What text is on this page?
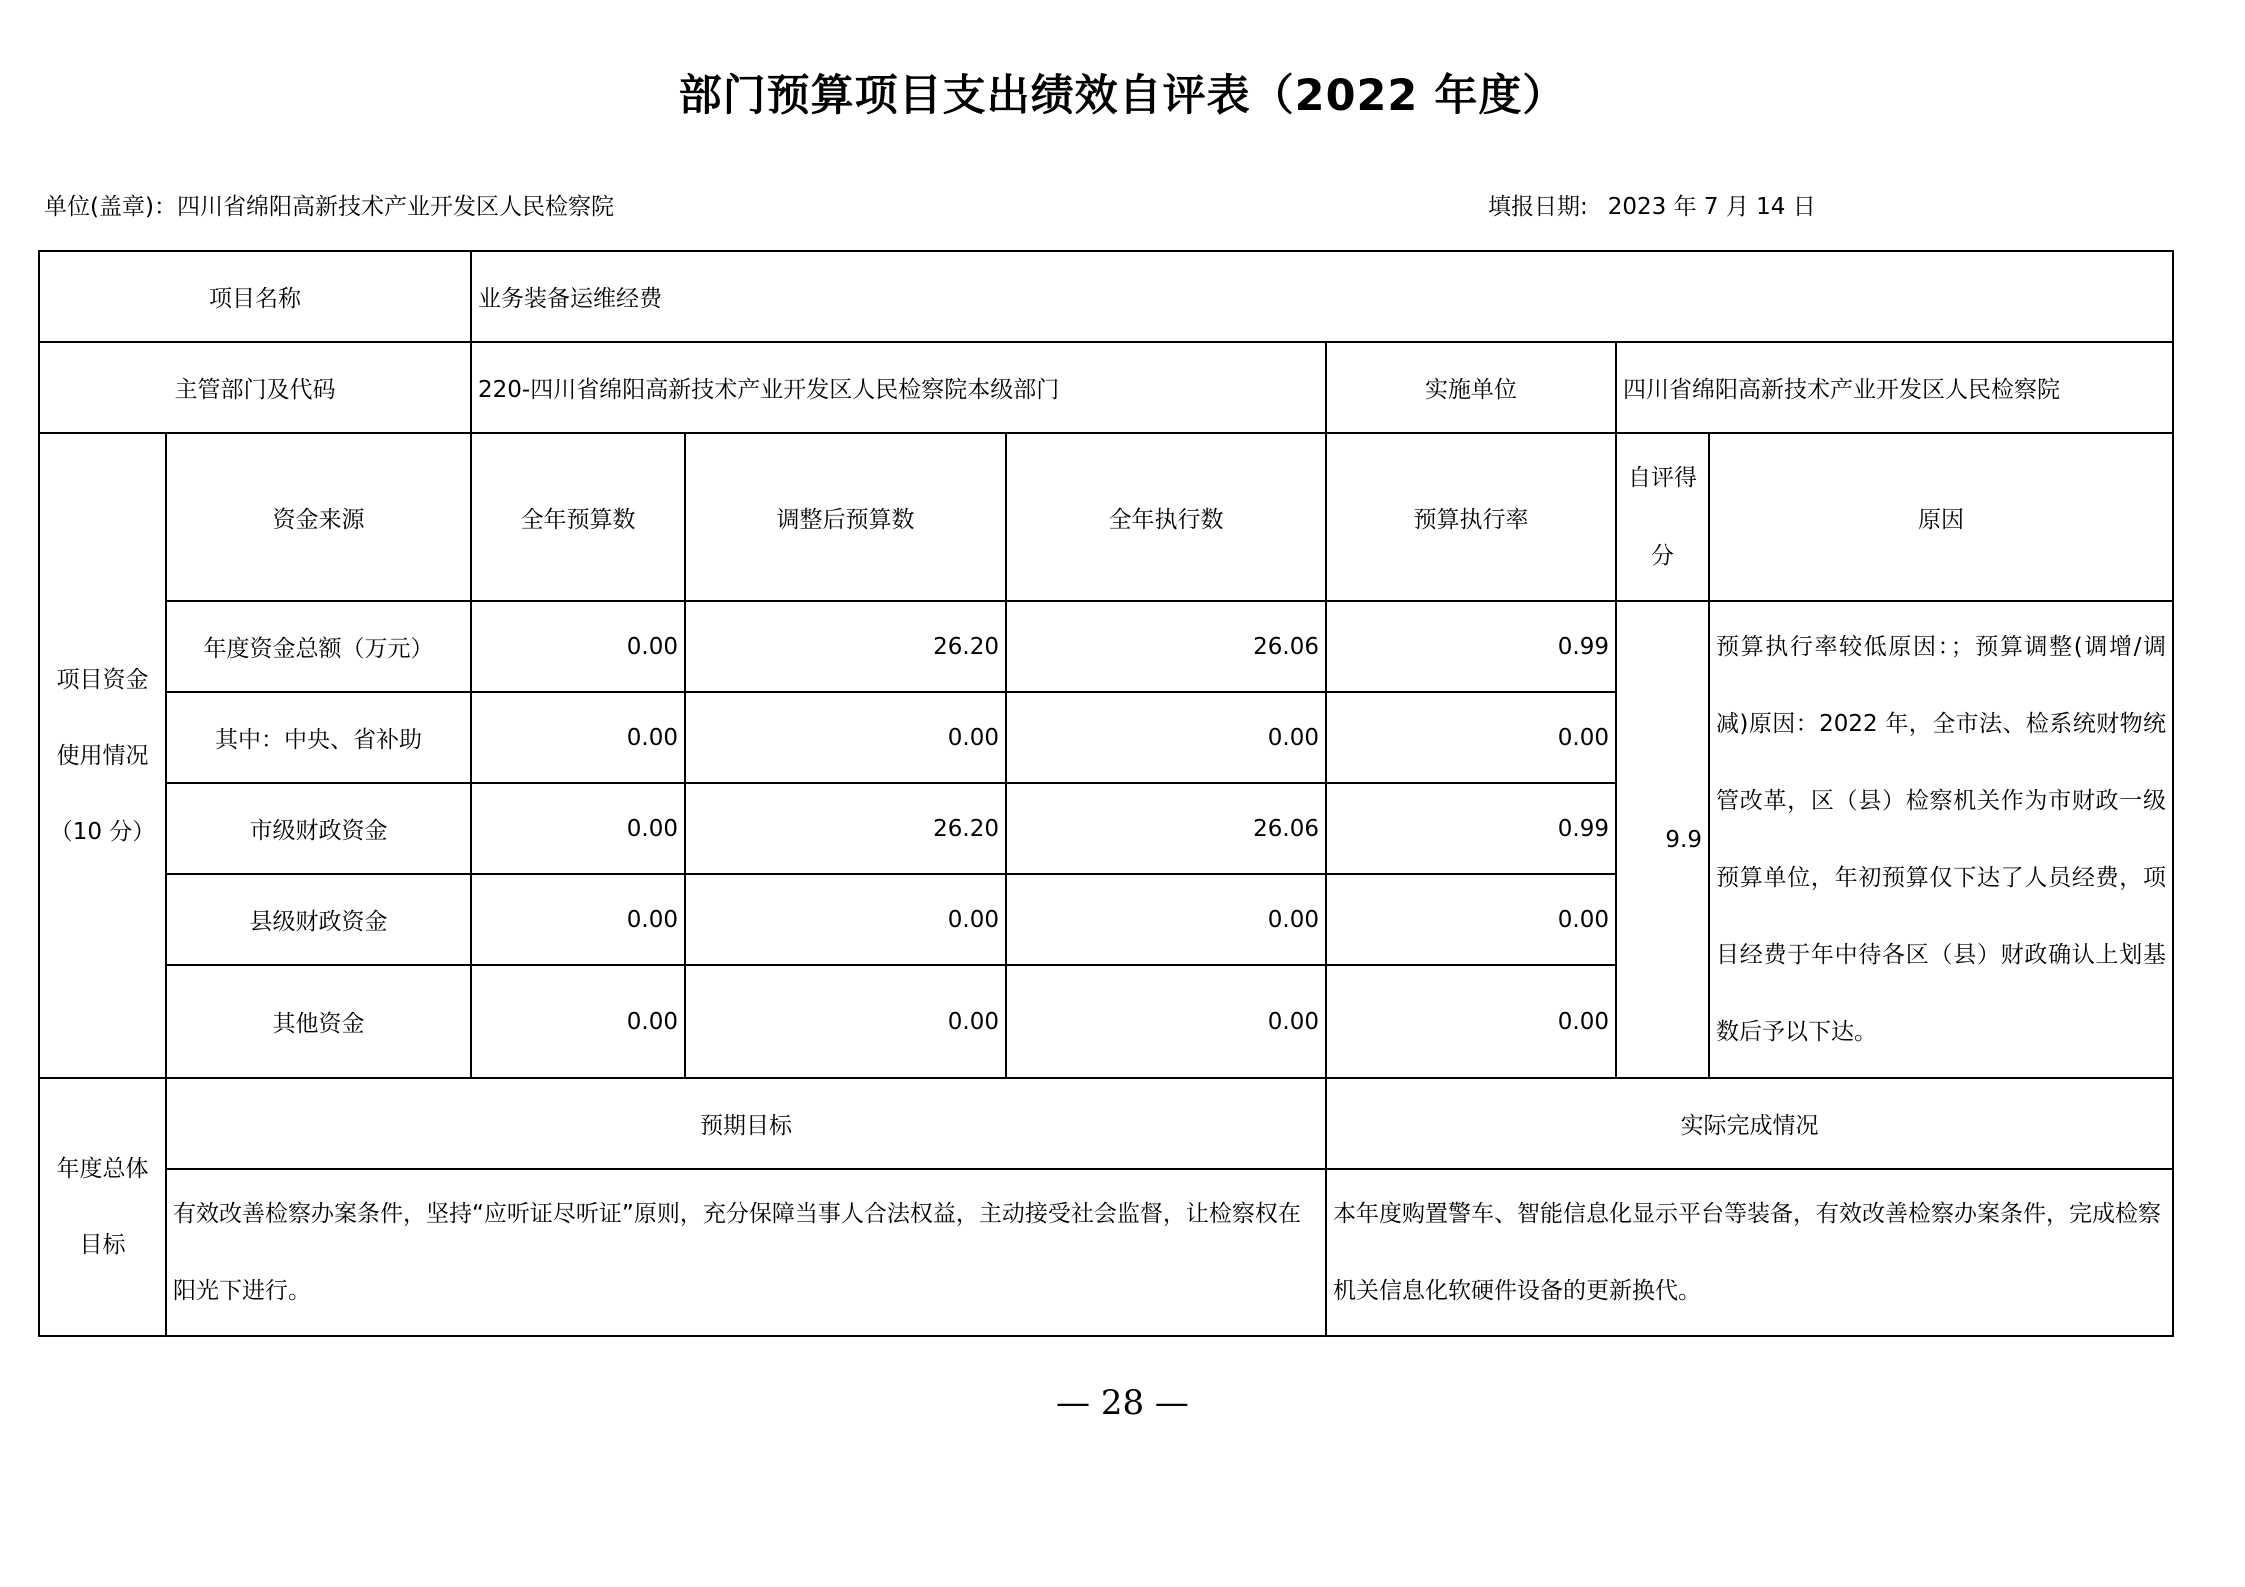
部门预算项目支出绩效自评表（2022 年度）
单位(盖章)：四川省绵阳高新技术产业开发区人民检察院	填报日期: 2023 年 7 月 14 日
项目名称		业务装备运维经费					
主管部门及代码		220-四川省绵阳高新技术产业开发区人民检察院本级部门			实施单位	四川省绵阳高新技术产业开发区人民检察院	
项目资金使用情况（10 分）	资金来源	全年预算数	调整后预算数	全年执行数	预算执行率	自评得分	原因
	年度资金总额（万元）	0.00	26.20	26.06	0.99	9.9	预算执行率较低原因：；预算调整(调增/调减)原因：2022 年，全市法、检系统财物统管改革，区（县）检察机关作为市财政一级预算单位，年初预算仅下达了人员经费，项目经费于年中待各区（县）财政确认上划基数后予以下达。
	其中：中央、省补助	0.00	0.00	0.00	0.00		
	市级财政资金	0.00	26.20	26.06	0.99		
	县级财政资金	0.00	0.00	0.00	0.00		
	其他资金	0.00	0.00	0.00	0.00		
年度总体目标	预期目标				实际完成情况		
	有效改善检察办案条件，坚持“应听证尽听证”原则，充分保障当事人合法权益，主动接受社会监督，让检察权在阳光下进行。				本年度购置警车、智能信息化显示平台等装备，有效改善检察办案条件，完成检察机关信息化软硬件设备的更新换代。		
— 28 —
